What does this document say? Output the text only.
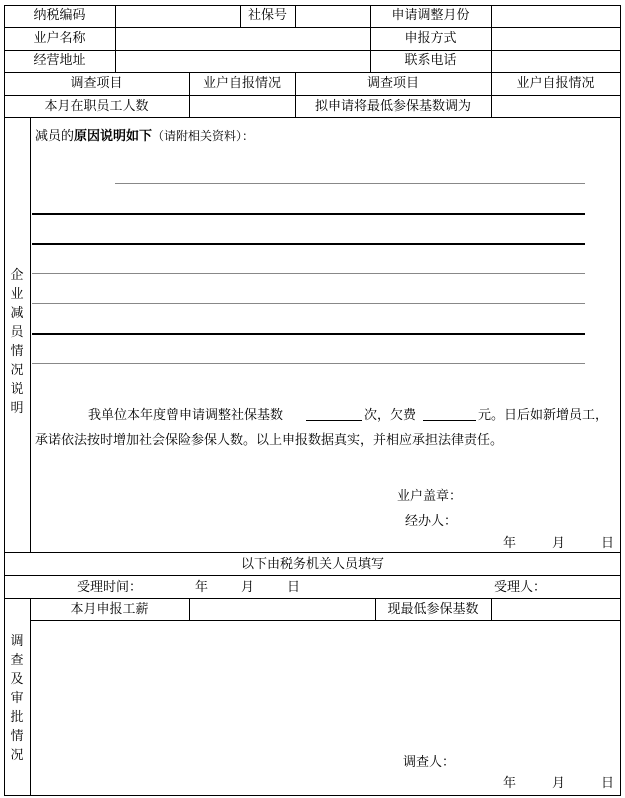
纳税编码	社保号	申请调整月份
业户名称	申报方式
经营地址	联系电话
调查项目	业户自报情况	调查项目	业户自报情况
本月在职员工人数	拟申请将最低参保基数调为
企
业
减
员
情
况
说
明
减员的原因说明如下（请附相关资料）：
我单位本年度曾申请调整社保基数	次，欠费	元。日后如新增员工，
承诺依法按时增加社会保险参保人数。以上申报数据真实，并相应承担法律责任。
业户盖章：
经办人：
年	月	日
以下由税务机关人员填写
受理时间：	年	月	日	受理人：
调
查
及
审
批
情
况
本月申报工薪	现最低参保基数
调查人：
年	月	日
